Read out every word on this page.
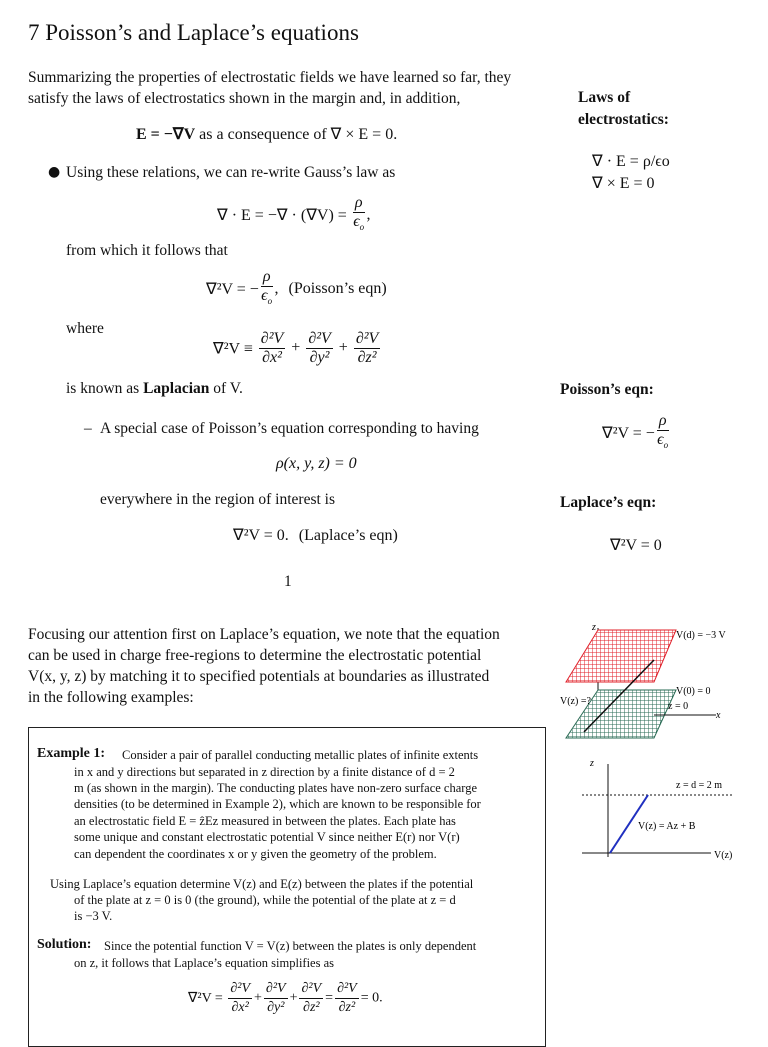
7 Poisson’s and Laplace’s equations
Summarizing the properties of electrostatic fields we have learned so far, they
satisfy the laws of electrostatics shown in the margin and, in addition,
E = −∇V as a consequence of ∇ × E = 0.
● Using these relations, we can re-write Gauss’s law as
∇ · E = −∇ · $(\nabla V) = \frac{\rho}{\epsilon_o}$ ,
from which it follows that
∇²V = − $\frac{\rho}{\epsilon_o}$ , (Poisson’s eqn)
where
$\nabla^2V \equiv \frac{\text{∂²V}}{\text{∂x²}} + \frac{\text{∂²V}}{\text{∂y²}} + \frac{\text{∂²V}}{\text{∂z²}}$
is known as Laplacian of V.
– A special case of Poisson’s equation corresponding to having
ρ(x, y, z) = 0
everywhere in the region of interest is
∇²V = 0. (Laplace’s eqn)
1
Laws of
electrostatics:
∇ · E = ρ/ϵo
∇ × E = 0
Poisson’s eqn:
∇²V = − $\frac{\rho}{\epsilon_o}$
Laplace’s eqn:
∇²V = 0
Focusing our attention first on Laplace’s equation, we note that the equation
can be used in charge free-regions to determine the electrostatic potential
V(x, y, z) by matching it to specified potentials at boundaries as illustrated
in the following examples:
z
V(d) = −3 V
V(0) = 0
z = 0
V(z) =?
x
z
z = d = 2 m
V(z) = Az + B
V(z)
Example 1: Consider a pair of parallel conducting metallic plates of infinite extents
in x and y directions but separated in z direction by a finite distance of d = 2
m (as shown in the margin). The conducting plates have non-zero surface charge
densities (to be determined in Example 2), which are known to be responsible for
an electrostatic field E = ẑEz measured in between the plates. Each plate has
some unique and constant electrostatic potential V since neither E(r) nor V(r)
can dependent the coordinates x or y given the geometry of the problem.
Using Laplace’s equation determine V(z) and E(z) between the plates if the potential
of the plate at z = 0 is 0 (the ground), while the potential of the plate at z = d
is −3 V.
Solution: Since the potential function V = V(z) between the plates is only dependent
on z, it follows that Laplace’s equation simplifies as
$\nabla^2V = \frac{\text{∂²V}}{\text{∂x²}} + \frac{\text{∂²V}}{\text{∂y²}} + \frac{\text{∂²V}}{\text{∂z²}} = \frac{\text{∂²V}}{\text{∂z²}} = 0$.
